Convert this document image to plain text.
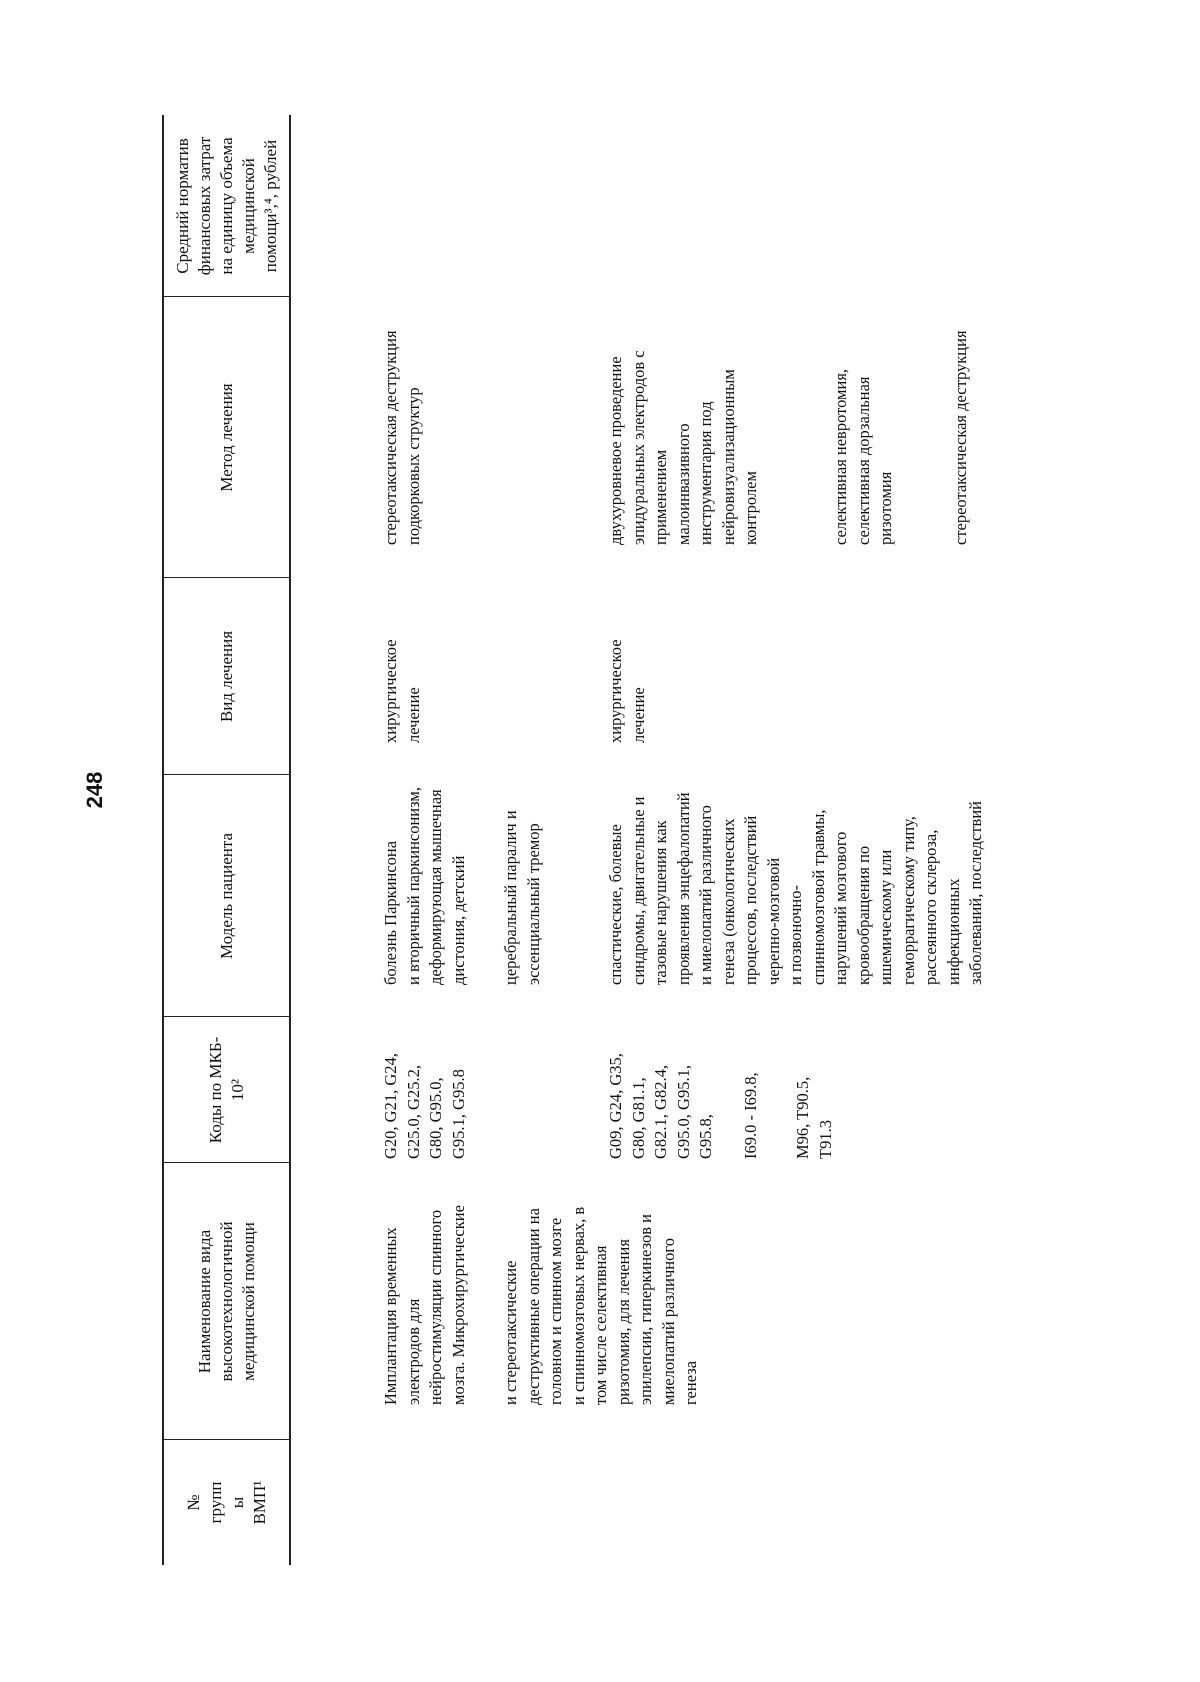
248
№
групп
ы
ВМП¹
Наименование вида
высокотехнологичной
медицинской помощи
Коды по МКБ-
10²
Модель пациента
Вид лечения
Метод лечения
Средний норматив
финансовых затрат
на единицу объема
медицинской
помощи³,⁴, рублей
Имплантация временных
электродов для
нейростимуляции спинного
мозга. Микрохирургические
и стереотаксические
деструктивные операции на
головном и спинном мозге
и спинномозговых нервах, в
том числе селективная
ризотомия, для лечения
эпилепсии, гиперкинезов и
миелопатий различного
генеза
G20, G21, G24,
G25.0, G25.2,
G80, G95.0,
G95.1, G95.8
болезнь Паркинсона
и вторичный паркинсонизм,
деформирующая мышечная
дистония, детский
церебральный паралич и
эссенциальный тремор
хирургическое
лечение
стереотаксическая деструкция
подкорковых структур
G09, G24, G35,
G80, G81.1,
G82.1, G82.4,
G95.0, G95.1,
G95.8, I69.0 - I69.8, M96, T90.5,
T91.3
спастические, болевые
синдромы, двигательные и
тазовые нарушения как
проявления энцефалопатий
и миелопатий различного
генеза (онкологических
процессов, последствий
черепно-мозговой
и позвоночно-
спинномозговой травмы,
нарушений мозгового
кровообращения по
ишемическому или
геморрагическому типу,
рассеянного склероза,
инфекционных
заболеваний, последствий
хирургическое
лечение
двухуровневое проведение
эпидуральных электродов с
применением
малоинвазивного
инструментария под
нейровизуализационным
контролем	селективная невротомия,
селективная дорзальная
ризотомия	стереотаксическая деструкция
